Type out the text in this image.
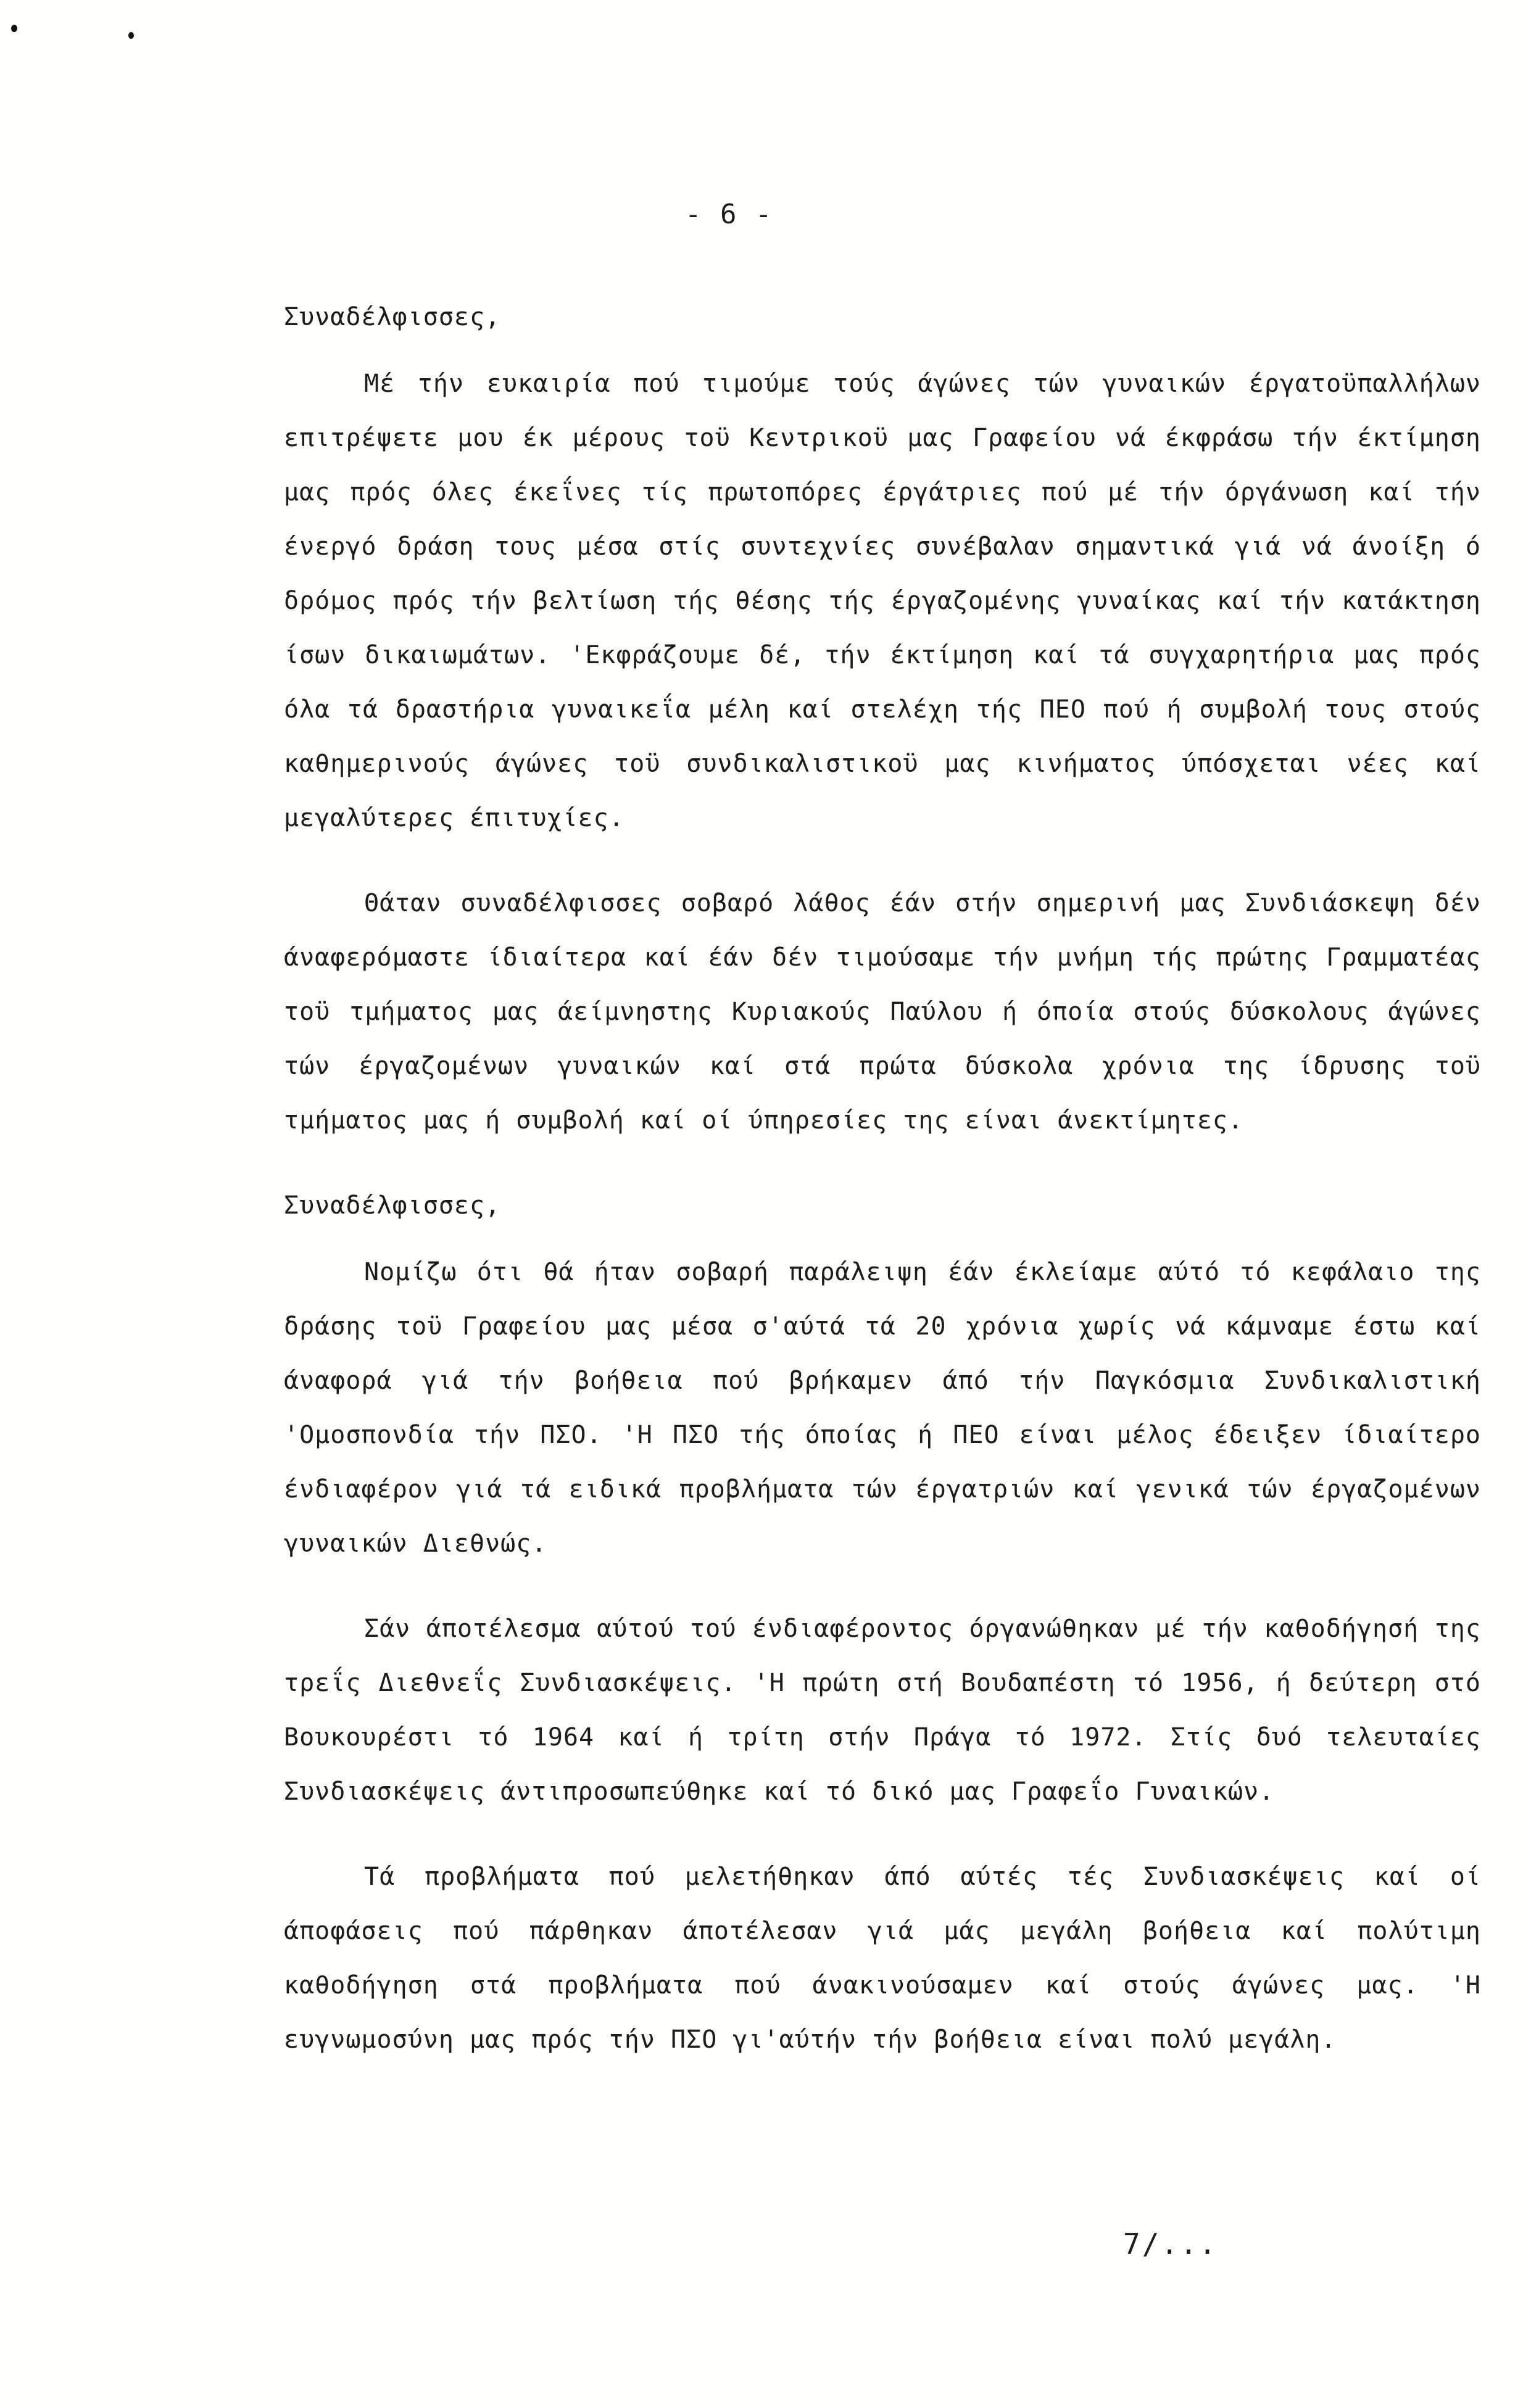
- 6 -

Συναδέλφισσες,

Μέ τήν ευκαιρία πού τιμούμε τούς άγώνες τών γυναικών έργατοϋπαλλήλων επιτρέψετε μου έκ μέρους τοϋ Κεντρικοϋ μας Γραφείου νά έκφράσω τήν έκτίμηση μας πρός όλες έκεΐνες τίς πρωτοπόρες έργάτριες πού μέ τήν όργάνωση καί τήν ένεργό δράση τους μέσα στίς συντεχνίες συνέβαλαν σημαντικά γιά νά άνοίξη ό δρόμος πρός τήν βελτίωση τής θέσης τής έργαζομένης γυναίκας καί τήν κατάκτηση ίσων δικαιωμάτων. 'Εκφράζουμε δέ, τήν έκτίμηση καί τά συγχαρητήρια μας πρός όλα τά δραστήρια γυναικεΐα μέλη καί στελέχη τής ΠΕΟ πού ή συμβολή τους στούς καθημερινούς άγώνες τοϋ συνδικαλιστικοϋ μας κινήματος ύπόσχεται νέες καί μεγαλύτερες έπιτυχίες.

Θάταν συναδέλφισσες σοβαρό λάθος έάν στήν σημερινή μας Συνδιάσκεψη δέν άναφερόμαστε ίδιαίτερα καί έάν δέν τιμούσαμε τήν μνήμη τής πρώτης Γραμματέας τοϋ τμήματος μας άείμνηστης Κυριακούς Παύλου ή όποία στούς δύσκολους άγώνες τών έργαζομένων γυναικών καί στά πρώτα δύσκολα χρόνια της ίδρυσης τοϋ τμήματος μας ή συμβολή καί οί ύπηρεσίες της είναι άνεκτίμητες.

Συναδέλφισσες,

Νομίζω ότι θά ήταν σοβαρή παράλειψη έάν έκλείαμε αύτό τό κεφάλαιο της δράσης τοϋ Γραφείου μας μέσα σ'αύτά τά 20 χρόνια χωρίς νά κάμναμε έστω καί άναφορά γιά τήν βοήθεια πού βρήκαμεν άπό τήν Παγκόσμια Συνδικαλιστική 'Ομοσπονδία τήν ΠΣΟ. 'Η ΠΣΟ τής όποίας ή ΠΕΟ είναι μέλος έδειξεν ίδιαίτερο ένδιαφέρον γιά τά ειδικά προβλήματα τών έργατριών καί γενικά τών έργαζομένων γυναικών Διεθνώς.

Σάν άποτέλεσμα αύτού τού ένδιαφέροντος όργανώθηκαν μέ τήν καθοδήγησή της τρεΐς Διεθνεΐς Συνδιασκέψεις. 'Η πρώτη στή Βουδαπέστη τό 1956, ή δεύτερη στό Βουκουρέστι τό 1964 καί ή τρίτη στήν Πράγα τό 1972. Στίς δυό τελευταίες Συνδιασκέψεις άντιπροσωπεύθηκε καί τό δικό μας Γραφεΐο Γυναικών.

Τά προβλήματα πού μελετήθηκαν άπό αύτές τές Συνδιασκέψεις καί οί άποφάσεις πού πάρθηκαν άποτέλεσαν γιά μάς μεγάλη βοήθεια καί πολύτιμη καθοδήγηση στά προβλήματα πού άνακινούσαμεν καί στούς άγώνες μας. 'Η ευγνωμοσύνη μας πρός τήν ΠΣΟ γι'αύτήν τήν βοήθεια είναι πολύ μεγάλη.

7/...
